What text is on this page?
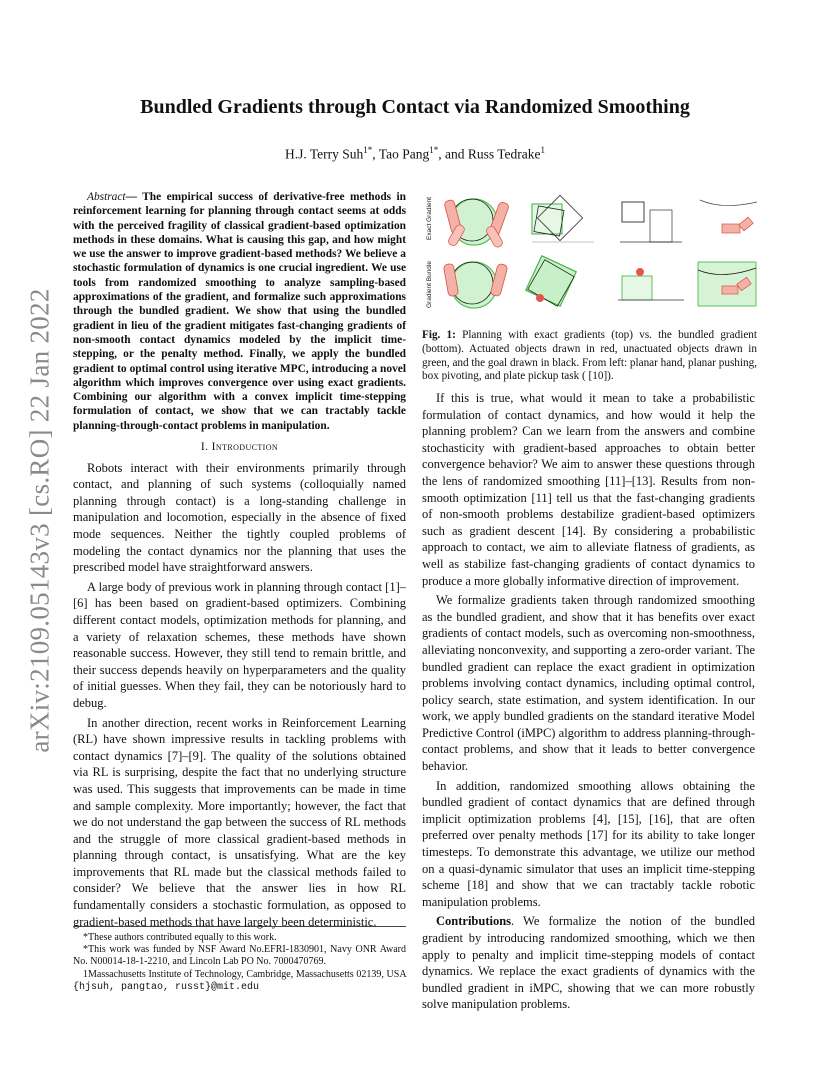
arXiv:2109.05143v3 [cs.RO] 22 Jan 2022
Bundled Gradients through Contact via Randomized Smoothing
H.J. Terry Suh$^{1*}$, Tao Pang$^{1*}$, and Russ Tedrake$^1$

Abstract— The empirical success of derivative-free methods in reinforcement learning for planning through contact seems at odds with the perceived fragility of classical gradient-based optimization methods in these domains. What is causing this gap, and how might we use the answer to improve gradient-based methods? We believe a stochastic formulation of dynamics is one crucial ingredient. We use tools from randomized smoothing to analyze sampling-based approximations of the gradient, and formalize such approximations through the bundled gradient. We show that using the bundled gradient in lieu of the gradient mitigates fast-changing gradients of non-smooth contact dynamics modeled by the implicit time-stepping, or the penalty method. Finally, we apply the bundled gradient to optimal control using iterative MPC, introducing a novel algorithm which improves convergence over using exact gradients. Combining our algorithm with a convex implicit time-stepping formulation of contact, we show that we can tractably tackle planning-through-contact problems in manipulation.

I. Introduction

Robots interact with their environments primarily through contact, and planning of such systems (colloquially named planning through contact) is a long-standing challenge in manipulation and locomotion, especially in the absence of fixed mode sequences. Neither the tightly coupled problems of modeling the contact dynamics nor the planning that uses the prescribed model have straightforward answers.

A large body of previous work in planning through contact [1]–[6] has been based on gradient-based optimizers. Combining different contact models, optimization methods for planning, and a variety of relaxation schemes, these methods have shown reasonable success. However, they still tend to remain brittle, and their success depends heavily on hyperparameters and the quality of initial guesses. When they fail, they can be notoriously hard to debug.

In another direction, recent works in Reinforcement Learning (RL) have shown impressive results in tackling problems with contact dynamics [7]–[9]. The quality of the solutions obtained via RL is surprising, despite the fact that no underlying structure was used. This suggests that improvements can be made in time and sample complexity. More importantly; however, the fact that we do not understand the gap between the success of RL methods and the struggle of more classical gradient-based methods in planning through contact, is unsatisfying. What are the key improvements that RL made but the classical methods failed to consider? We believe that the answer lies in how RL fundamentally considers a stochastic formulation, as opposed to gradient-based methods that have largely been deterministic.

*These authors contributed equally to this work.
*This work was funded by NSF Award No.EFRI-1830901, Navy ONR Award No. N00014-18-1-2210, and Lincoln Lab PO No. 7000470769.
1Massachusetts Institute of Technology, Cambridge, Massachusetts 02139, USA {hjsuh, pangtao, russt}@mit.edu
Exact Gradient
Gradient Bundle
Fig. 1: Planning with exact gradients (top) vs. the bundled gradient (bottom). Actuated objects drawn in red, unactuated objects drawn in green, and the goal drawn in black. From left: planar hand, planar pushing, box pivoting, and plate pickup task ( [10]).

If this is true, what would it mean to take a probabilistic formulation of contact dynamics, and how would it help the planning problem? Can we learn from the answers and combine stochasticity with gradient-based approaches to obtain better convergence behavior? We aim to answer these questions through the lens of randomized smoothing [11]–[13]. Results from non-smooth optimization [11] tell us that the fast-changing gradients of non-smooth problems destabilize gradient-based optimizers such as gradient descent [14]. By considering a probabilistic approach to contact, we aim to alleviate flatness of gradients, as well as stabilize fast-changing gradients of contact dynamics to produce a more globally informative direction of improvement.

We formalize gradients taken through randomized smoothing as the bundled gradient, and show that it has benefits over exact gradients of contact models, such as overcoming non-smoothness, alleviating nonconvexity, and supporting a zero-order variant. The bundled gradient can replace the exact gradient in optimization problems involving contact dynamics, including optimal control, policy search, state estimation, and system identification. In our work, we apply bundled gradients on the standard iterative Model Predictive Control (iMPC) algorithm to address planning-through-contact problems, and show that it leads to better convergence behavior.

In addition, randomized smoothing allows obtaining the bundled gradient of contact dynamics that are defined through implicit optimization problems [4], [15], [16], that are often preferred over penalty methods [17] for its ability to take longer timesteps. To demonstrate this advantage, we utilize our method on a quasi-dynamic simulator that uses an implicit time-stepping scheme [18] and show that we can tractably tackle robotic manipulation problems.

Contributions. We formalize the notion of the bundled gradient by introducing randomized smoothing, which we then apply to penalty and implicit time-stepping models of contact dynamics. We replace the exact gradients of dynamics with the bundled gradient in iMPC, showing that we can more robustly solve manipulation problems.
